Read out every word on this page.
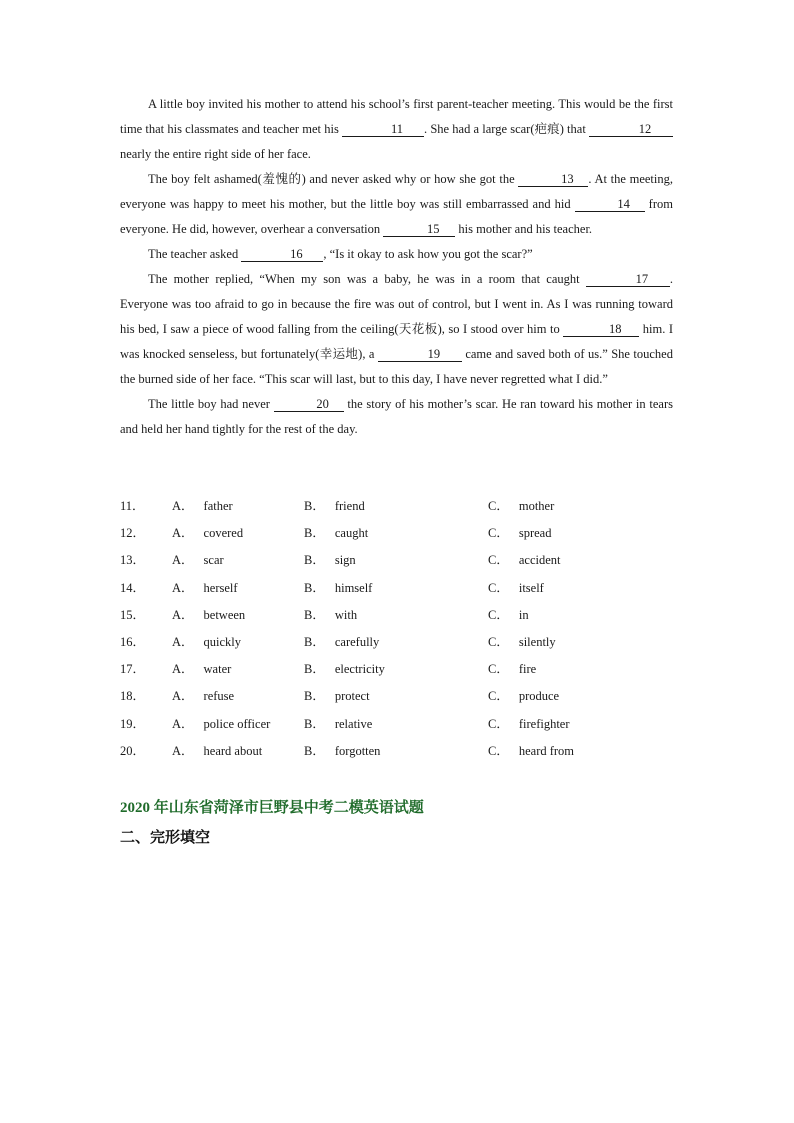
A little boy invited his mother to attend his school’s first parent-teacher meeting. This would be the first time that his classmates and teacher met his	11 . She had a large scar(疤痕) that	12 nearly the entire right side of her face.

The boy felt ashamed(羞愧的) and never asked why or how she got the	13 . At the meeting, everyone was happy to meet his mother, but the little boy was still embarrassed and hid	14 from everyone. He did, however, overhear a conversation	15 his mother and his teacher.

The teacher asked	16 , “Is it okay to ask how you got the scar?”

The mother replied, “When my son was a baby, he was in a room that caught	17 . Everyone was too afraid to go in because the fire was out of control, but I went in. As I was running toward his bed, I saw a piece of wood falling from the ceiling(天花板), so I stood over him to	18 him. I was knocked senseless, but fortunately(幸运地), a	19 came and saved both of us.” She touched the burned side of her face. “This scar will last, but to this day, I have never regretted what I did.”

The little boy had never	20 the story of his mother’s scar. He ran toward his mother in tears and held her hand tightly for the rest of the day.

11． A． father	B． friend	C． mother
12． A． covered	B． caught	C． spread
13． A． scar	B． sign	C． accident
14． A． herself	B． himself	C． itself
15． A． between	B． with	C． in
16． A． quickly	B． carefully	C． silently
17． A． water	B． electricity	C． fire
18． A． refuse	B． protect	C． produce
19． A． police officer	B． relative	C． firefighter
20． A． heard about	B． forgotten	C． heard from
2020 年山东省菏泽市巨野县中考二模英语试题
二、完形填空
